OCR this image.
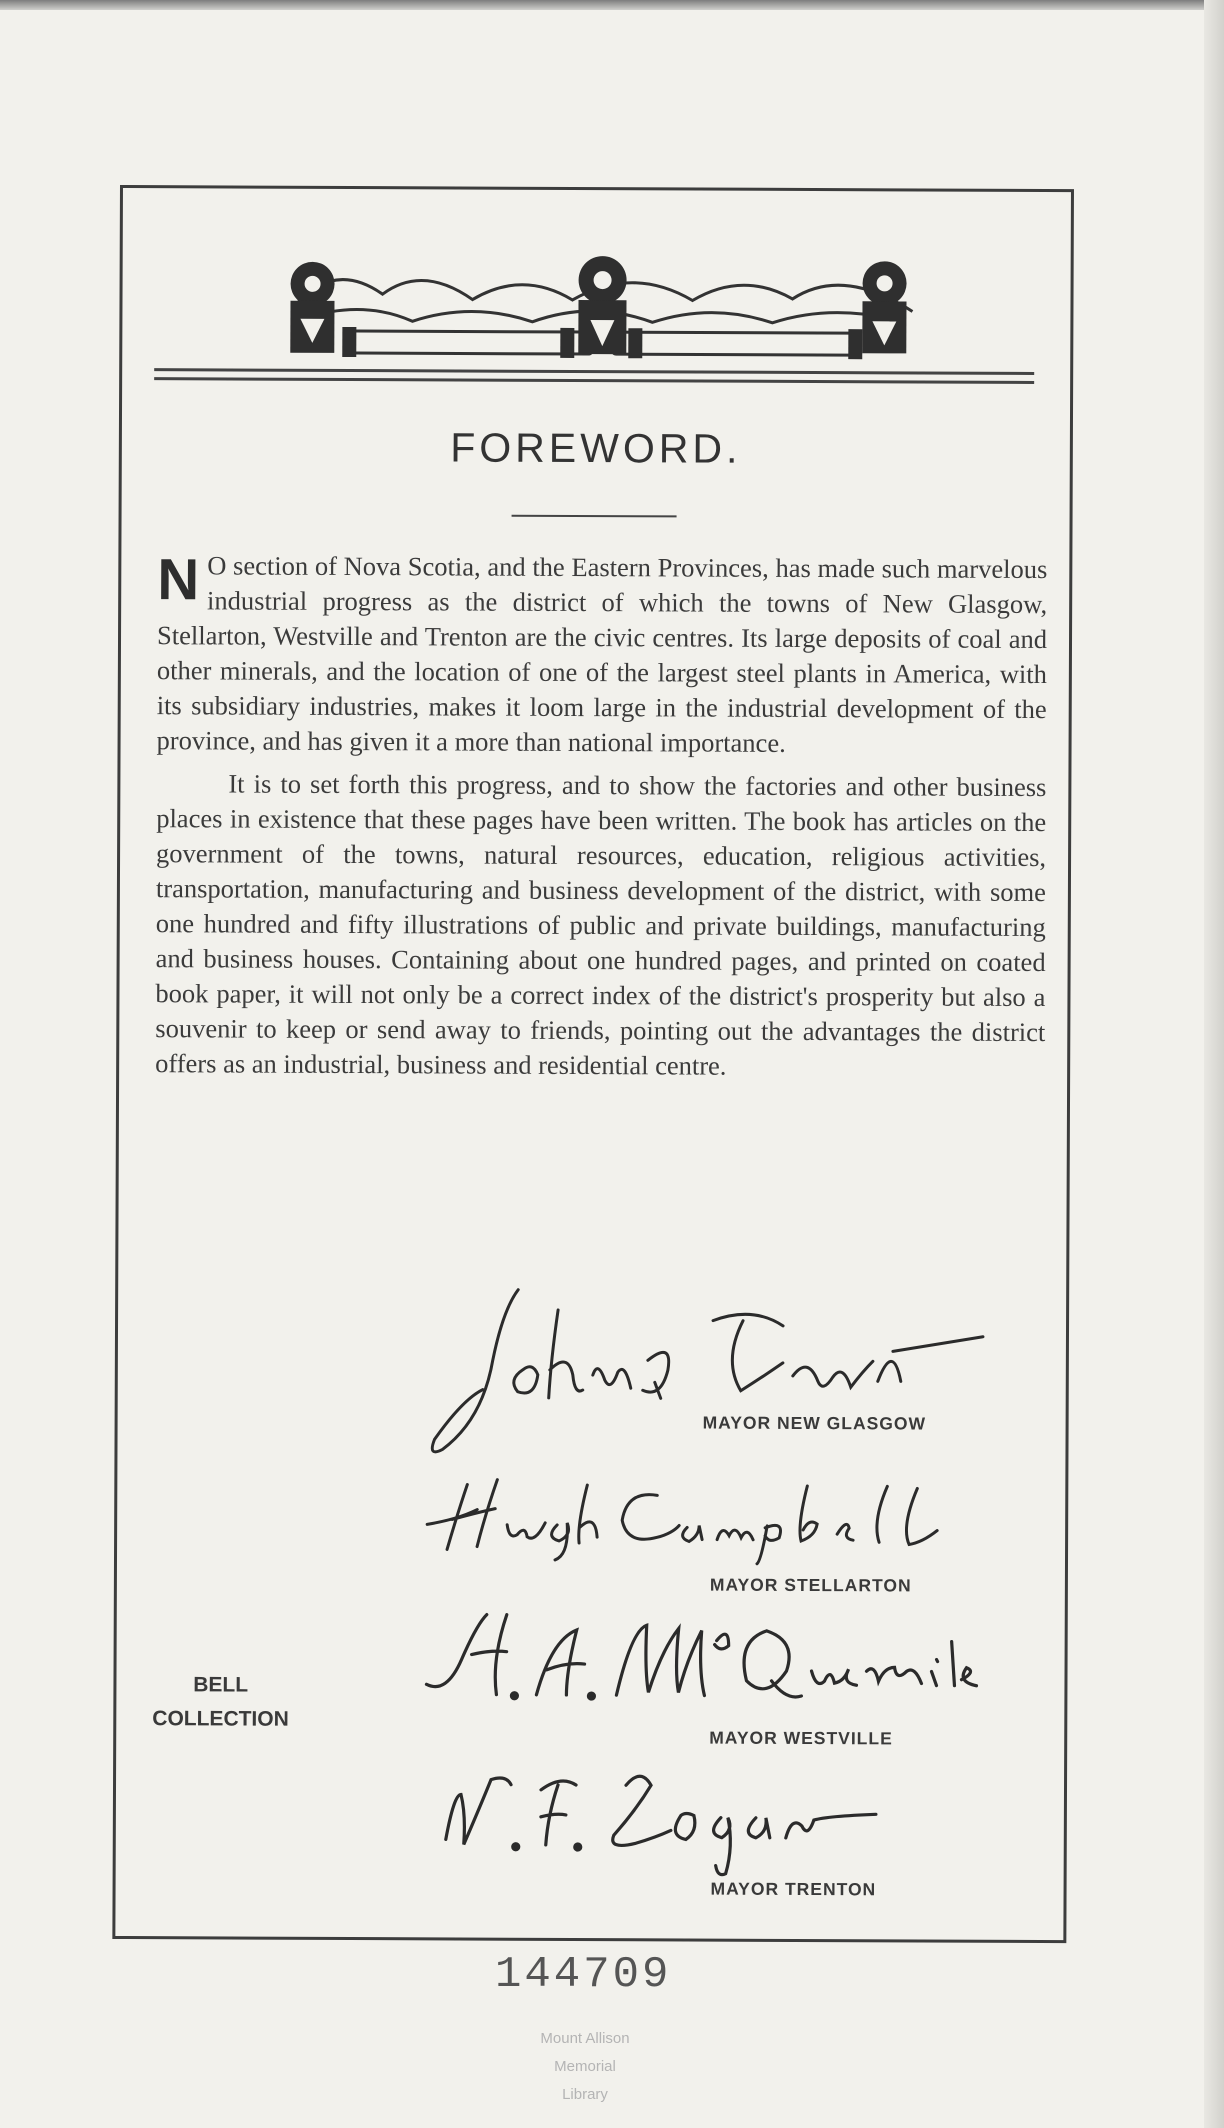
FOREWORD.

N O section of Nova Scotia, and the Eastern Provinces, has made such marvelous industrial progress as the district of which the towns of New Glasgow, Stellarton, Westville and Trenton are the civic centres. Its large deposits of coal and other minerals, and the location of one of the largest steel plants in America, with its subsidiary industries, makes it loom large in the industrial development of the province, and has given it a more than national importance.

It is to set forth this progress, and to show the factories and other business places in existence that these pages have been written. The book has articles on the government of the towns, natural resources, education, religious activities, transportation, manufacturing and business development of the district, with some one hundred and fifty illustrations of public and private buildings, manufacturing and business houses. Containing about one hundred pages, and printed on coated book paper, it will not only be a correct index of the district's prosperity but also a souvenir to keep or send away to friends, pointing out the advantages the district offers as an industrial, business and residential centre.

MAYOR NEW GLASGOW
MAYOR STELLARTON
BELL
COLLECTION
MAYOR WESTVILLE
MAYOR TRENTON
144709
Mount Allison
Memorial
Library
